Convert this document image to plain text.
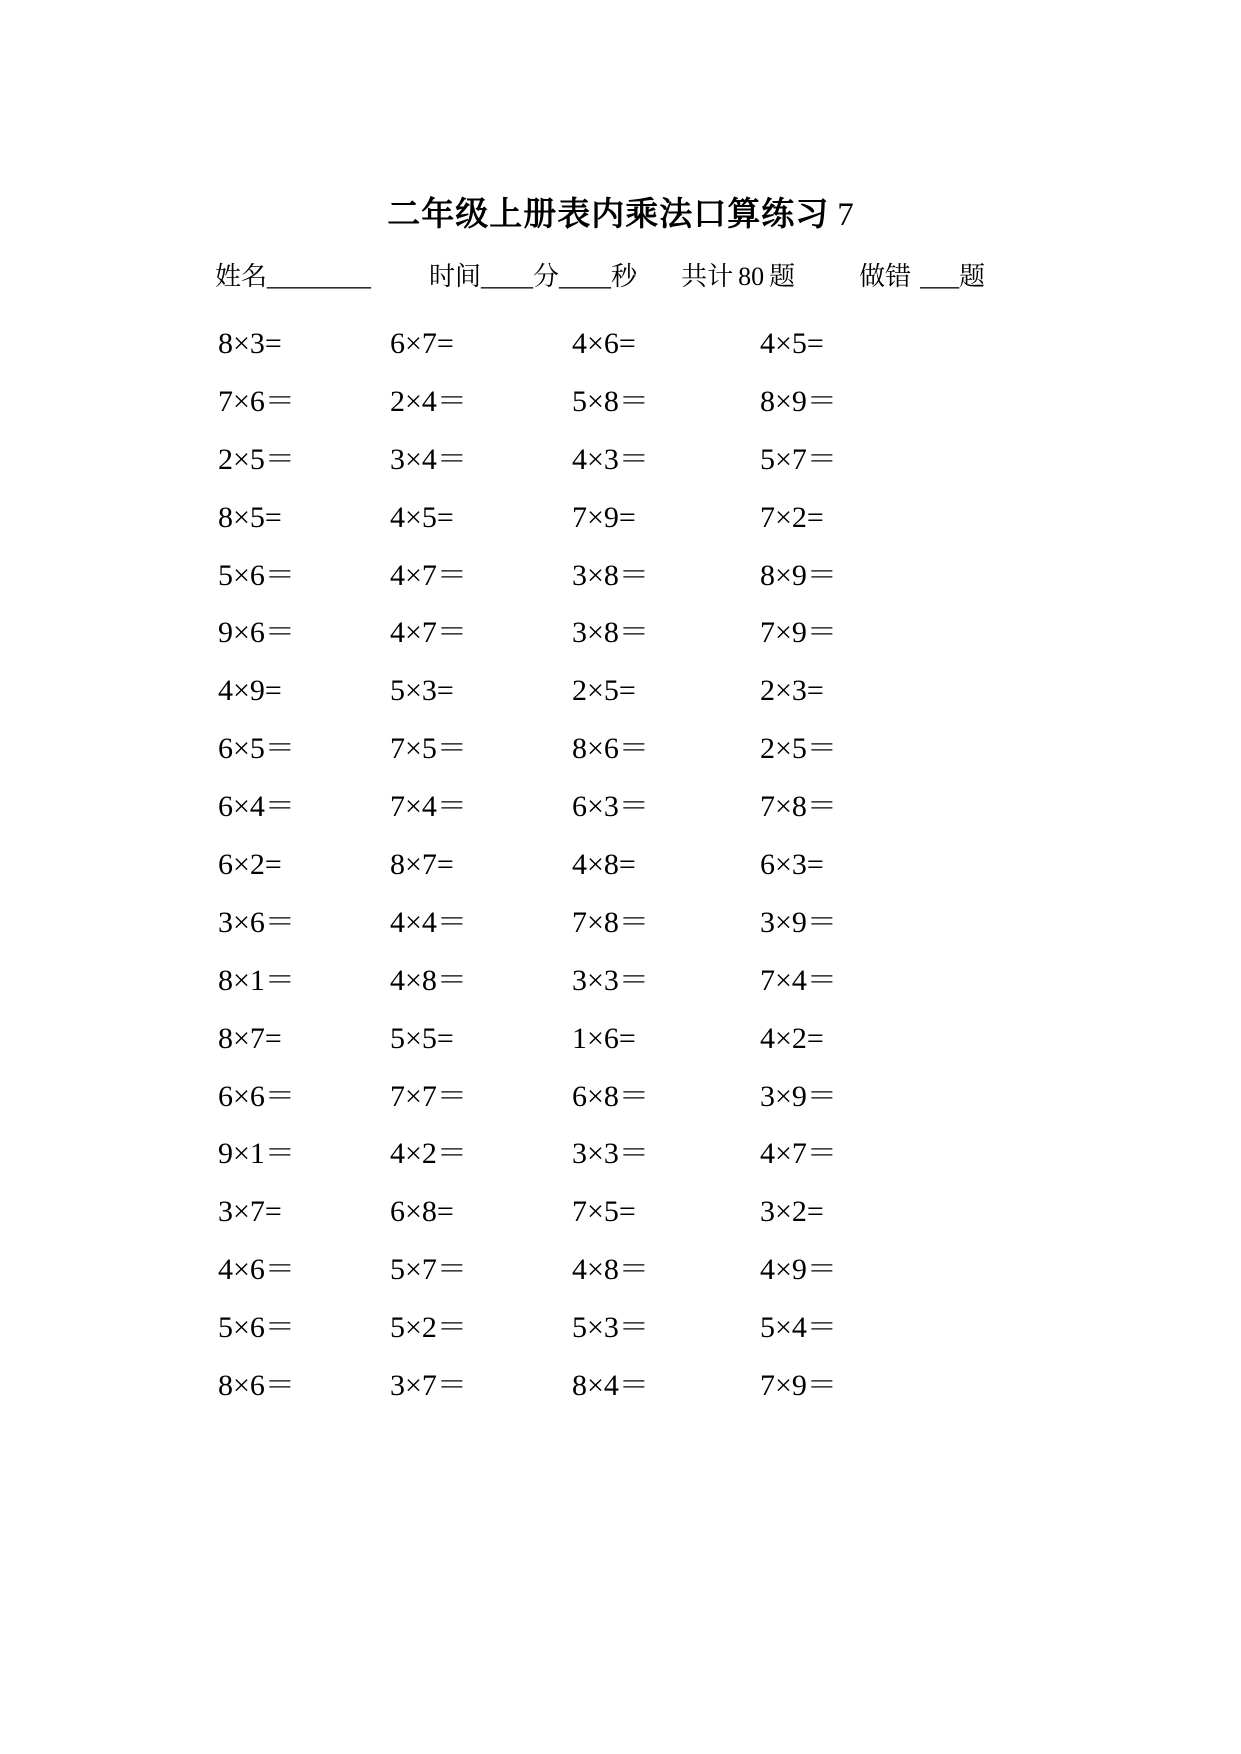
二年级上册表内乘法口算练习 7
姓名________ 时间____分____秒 共计 80 题 做错 ___题
8×3=	6×7=	4×6=	4×5=
7×6＝	2×4＝	5×8＝	8×9＝
2×5＝	3×4＝	4×3＝	5×7＝
8×5=	4×5=	7×9=	7×2=
5×6＝	4×7＝	3×8＝	8×9＝
9×6＝	4×7＝	3×8＝	7×9＝
4×9=	5×3=	2×5=	2×3=
6×5＝	7×5＝	8×6＝	2×5＝
6×4＝	7×4＝	6×3＝	7×8＝
6×2=	8×7=	4×8=	6×3=
3×6＝	4×4＝	7×8＝	3×9＝
8×1＝	4×8＝	3×3＝	7×4＝
8×7=	5×5=	1×6=	4×2=
6×6＝	7×7＝	6×8＝	3×9＝
9×1＝	4×2＝	3×3＝	4×7＝
3×7=	6×8=	7×5=	3×2=
4×6＝	5×7＝	4×8＝	4×9＝
5×6＝	5×2＝	5×3＝	5×4＝
8×6＝	3×7＝	8×4＝	7×9＝
